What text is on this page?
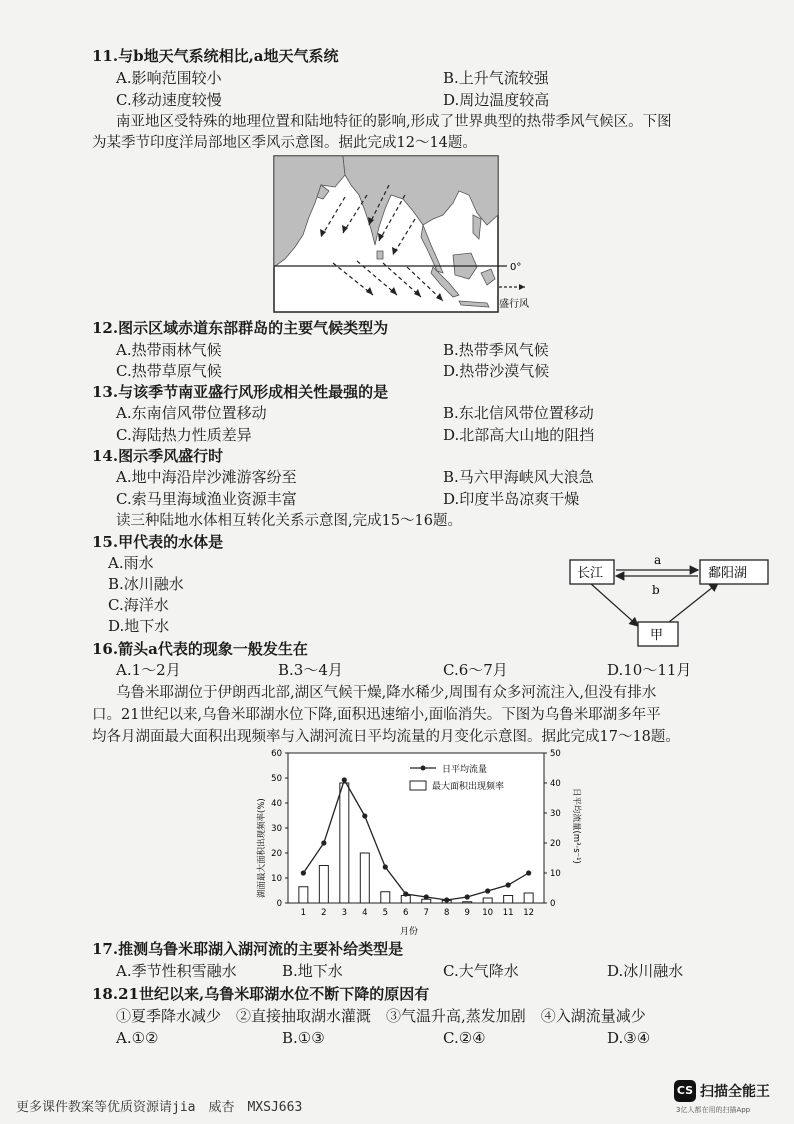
11.与b地天气系统相比,a地天气系统
A.影响范围较小	B.上升气流较强
C.移动速度较慢	D.周边温度较高
南亚地区受特殊的地理位置和陆地特征的影响,形成了世界典型的热带季风气候区。下图
为某季节印度洋局部地区季风示意图。据此完成12～14题。
0°
盛行风
12.图示区域赤道东部群岛的主要气候类型为
A.热带雨林气候	B.热带季风气候
C.热带草原气候	D.热带沙漠气候
13.与该季节南亚盛行风形成相关性最强的是
A.东南信风带位置移动	B.东北信风带位置移动
C.海陆热力性质差异	D.北部高大山地的阻挡
14.图示季风盛行时
A.地中海沿岸沙滩游客纷至	B.马六甲海峡风大浪急
C.索马里海域渔业资源丰富	D.印度半岛凉爽干燥
读三种陆地水体相互转化关系示意图,完成15～16题。
15.甲代表的水体是
A.雨水
B.冰川融水
C.海洋水
D.地下水
a
b
长江	鄱阳湖
甲
16.箭头a代表的现象一般发生在
A.1～2月	B.3～4月	C.6～7月	D.10～11月
乌鲁米耶湖位于伊朗西北部,湖区气候干燥,降水稀少,周围有众多河流注入,但没有排水
口。21世纪以来,乌鲁米耶湖水位下降,面积迅速缩小,面临消失。下图为乌鲁米耶湖多年平
均各月湖面最大面积出现频率与入湖河流日平均流量的月变化示意图。据此完成17～18题。
0
10
20
30
40
50
60
0
10
20
30
40
50
1 2 3 4 5 6 7 8 9 10 11 12
月份
湖面最大面积出现频率(%)	日平均流量(m³·s⁻¹)
日平均流量
最大面积出现频率
17.推测乌鲁米耶湖入湖河流的主要补给类型是
A.季节性积雪融水	B.地下水	C.大气降水	D.冰川融水
18.21世纪以来,乌鲁米耶湖水位不断下降的原因有
①夏季降水减少　②直接抽取湖水灌溉　③气温升高,蒸发加剧　④入湖流量减少
A.①②	B.①③	C.②④	D.③④
更多课件教案等优质资源请jia　威杏　MXSJ663
CS 扫描全能王
3亿人都在用的扫描App
